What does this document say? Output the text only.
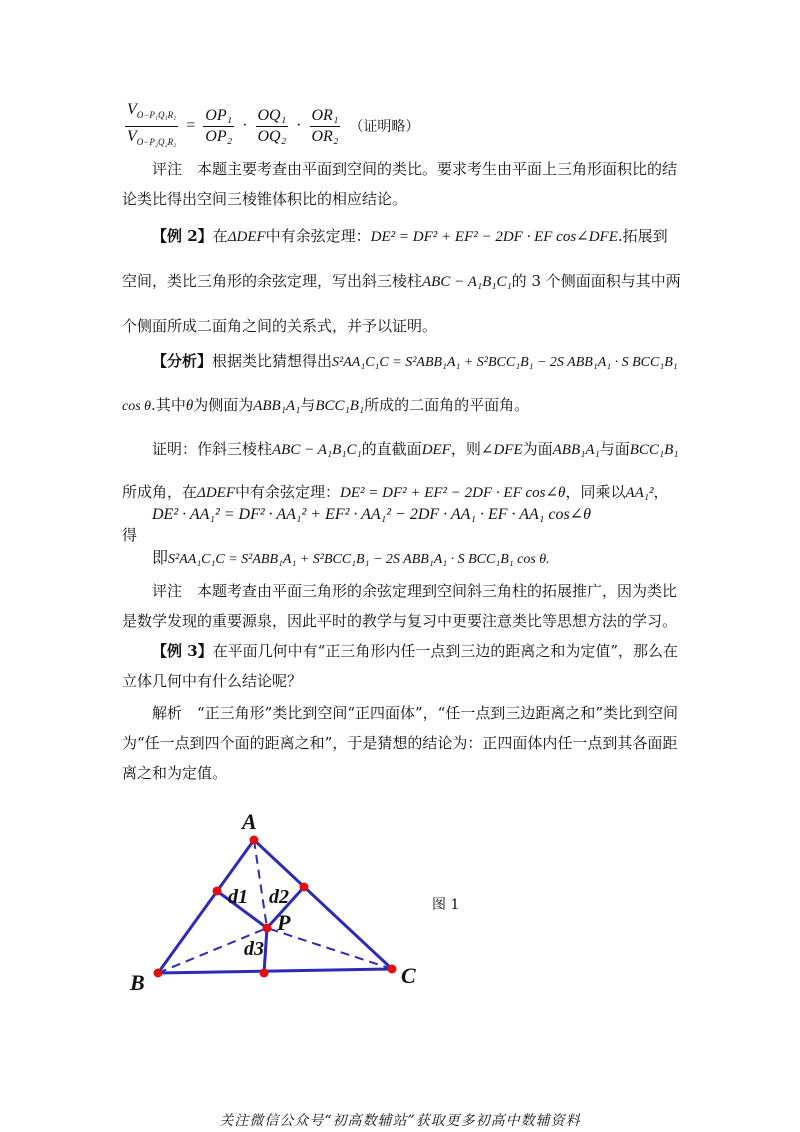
$\frac{V_{O-P_1Q_1R_1}}{V_{O-P_2Q_2R_2}} = \frac{\text{OP₁}}{\text{OP₂}} \cdot \frac{\text{OQ₁}}{\text{OQ₂}} \cdot \frac{\text{OR₁}}{\text{OR₂}}$ （证明略）
评注　本题主要考查由平面到空间的类比。要求考生由平面上三角形面积比的结论类比得出空间三棱锥体积比的相应结论。
【例 2】在ΔDEF中有余弦定理：DE² = DF² + EF² − 2DF · EF cos∠DFE.拓展到空间，类比三角形的余弦定理，写出斜三棱柱ABC − A₁B₁C₁的 3 个侧面面积与其中两个侧面所成二面角之间的关系式，并予以证明。
【分析】根据类比猜想得出S²AA₁C₁C = S²ABB₁A₁ + S²BCC₁B₁ − 2S ABB₁A₁ · S BCC₁B₁ cos θ.其中θ为侧面为ABB₁A₁与BCC₁B₁所成的二面角的平面角。
证明：作斜三棱柱ABC − A₁B₁C₁的直截面DEF，则∠DFE为面ABB₁A₁与面BCC₁B₁所成角，在ΔDEF中有余弦定理：DE² = DF² + EF² − 2DF · EF cos∠θ，同乘以AA₁²，得
DE² · AA₁² = DF² · AA₁² + EF² · AA₁² − 2DF · AA₁ · EF · AA₁ cos∠θ
即S²AA₁C₁C = S²ABB₁A₁ + S²BCC₁B₁ − 2S ABB₁A₁ · S BCC₁B₁ cos θ.
评注　本题考查由平面三角形的余弦定理到空间斜三角柱的拓展推广，因为类比是数学发现的重要源泉，因此平时的教学与复习中更要注意类比等思想方法的学习。
【例 3】在平面几何中有“正三角形内任一点到三边的距离之和为定值”，那么在立体几何中有什么结论呢？
解析　“正三角形”类比到空间“正四面体”，“任一点到三边距离之和”类比到空间为“任一点到四个面的距离之和”，于是猜想的结论为：正四面体内任一点到其各面距离之和为定值。
A
B	C
P
d1 d2
d3
图 1
关注微信公众号“初高数辅站”获取更多初高中数辅资料
